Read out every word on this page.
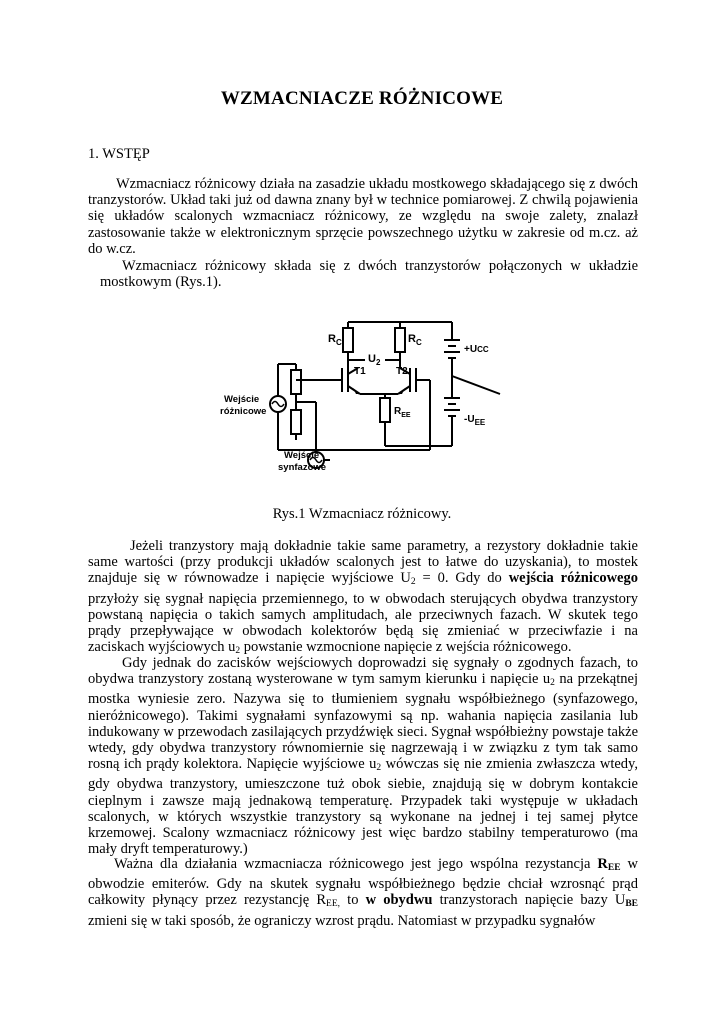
WZMACNIACZE RÓŻNICOWE
1. WSTĘP

Wzmacniacz różnicowy działa na zasadzie układu mostkowego składającego się z dwóch tranzystorów. Układ taki już od dawna znany był w technice pomiarowej. Z chwilą pojawienia się układów scalonych wzmacniacz różnicowy, ze względu na swoje zalety, znalazł zastosowanie także w elektronicznym sprzęcie powszechnego użytku w zakresie od m.cz. aż do w.cz.

Wzmacniacz różnicowy składa się z dwóch tranzystorów połączonych w układzie mostkowym (Rys.1).

$R_C$	$R_C$
$U_2$
T1	T2
+UCC
$-U_{EE}$
$R_{EE}$
Wejście
różnicowe
Wejście
synfazowe
Rys.1 Wzmacniacz różnicowy.

Jeżeli tranzystory mają dokładnie takie same parametry, a rezystory dokładnie takie same wartości (przy produkcji układów scalonych jest to łatwe do uzyskania), to mostek znajduje się w równowadze i napięcie wyjściowe $U_2 = 0$. Gdy do wejścia różnicowego przyłoży się sygnał napięcia przemiennego, to w obwodach sterujących obydwa tranzystory powstaną napięcia o takich samych amplitudach, ale przeciwnych fazach. W skutek tego prądy przepływające w obwodach kolektorów będą się zmieniać w przeciwfazie i na zaciskach wyjściowych $u_2$ powstanie wzmocnione napięcie z wejścia różnicowego.

Gdy jednak do zacisków wejściowych doprowadzi się sygnały o zgodnych fazach, to obydwa tranzystory zostaną wysterowane w tym samym kierunku i napięcie $u_2$ na przekątnej mostka wyniesie zero. Nazywa się to tłumieniem sygnału współbieżnego (synfazowego, nieróżnicowego). Takimi sygnałami synfazowymi są np. wahania napięcia zasilania lub indukowany w przewodach zasilających przydźwięk sieci. Sygnał współbieżny powstaje także wtedy, gdy obydwa tranzystory równomiernie się nagrzewają i w związku z tym tak samo rosną ich prądy kolektora. Napięcie wyjściowe $u_2$ wówczas się nie zmienia zwłaszcza wtedy, gdy obydwa tranzystory, umieszczone tuż obok siebie, znajdują się w dobrym kontakcie cieplnym i zawsze mają jednakową temperaturę. Przypadek taki występuje w układach scalonych, w których wszystkie tranzystory są wykonane na jednej i tej samej płytce krzemowej. Scalony wzmacniacz różnicowy jest więc bardzo stabilny temperaturowo (ma mały dryft temperaturowy.)

Ważna dla działania wzmacniacza różnicowego jest jego wspólna rezystancja $R_{EE}$ w obwodzie emiterów. Gdy na skutek sygnału współbieżnego będzie chciał wzrosnąć prąd całkowity płynący przez rezystancję $R_{EE,}$ to w obydwu tranzystorach napięcie bazy $U_{BE}$ zmieni się w taki sposób, że ograniczy wzrost prądu. Natomiast w przypadku sygnałów
